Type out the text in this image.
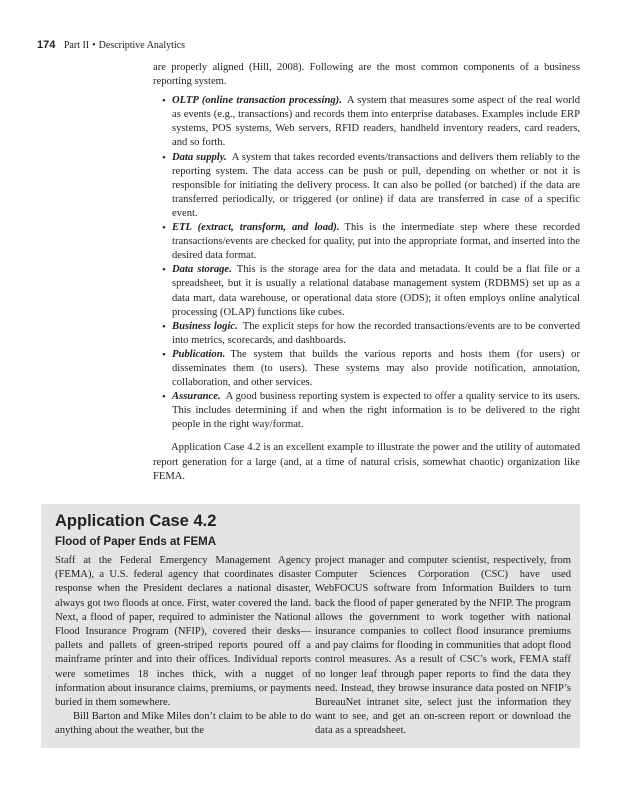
174 Part II • Descriptive Analytics

are properly aligned (Hill, 2008). Following are the most common components of a business reporting system.

• OLTP (online transaction processing). A system that measures some aspect of the real world as events (e.g., transactions) and records them into enterprise databases. Examples include ERP systems, POS systems, Web servers, RFID readers, handheld inventory readers, card readers, and so forth.
• Data supply. A system that takes recorded events/transactions and delivers them reliably to the reporting system. The data access can be push or pull, depending on whether or not it is responsible for initiating the delivery process. It can also be polled (or batched) if the data are transferred periodically, or triggered (or online) if data are transferred in case of a specific event.
• ETL (extract, transform, and load). This is the intermediate step where these recorded transactions/events are checked for quality, put into the appropriate format, and inserted into the desired data format.
• Data storage. This is the storage area for the data and metadata. It could be a flat file or a spreadsheet, but it is usually a relational database management system (RDBMS) set up as a data mart, data warehouse, or operational data store (ODS); it often employs online analytical processing (OLAP) functions like cubes.
• Business logic. The explicit steps for how the recorded transactions/events are to be converted into metrics, scorecards, and dashboards.
• Publication. The system that builds the various reports and hosts them (for users) or disseminates them (to users). These systems may also provide notification, annotation, collaboration, and other services.
• Assurance. A good business reporting system is expected to offer a quality service to its users. This includes determining if and when the right information is to be delivered to the right people in the right way/format.

Application Case 4.2 is an excellent example to illustrate the power and the utility of automated report generation for a large (and, at a time of natural crisis, somewhat chaotic) organization like FEMA.

Application Case 4.2
Flood of Paper Ends at FEMA

Staff at the Federal Emergency Management Agency (FEMA), a U.S. federal agency that coordinates disaster response when the President declares a national disaster, always got two floods at once. First, water covered the land. Next, a flood of paper, required to administer the National Flood Insurance Program (NFIP), covered their desks—pallets and pallets of green-striped reports poured off a mainframe printer and into their offices. Individual reports were sometimes 18 inches thick, with a nugget of information about insurance claims, premiums, or payments buried in them somewhere.

Bill Barton and Mike Miles don’t claim to be able to do anything about the weather, but the

project manager and computer scientist, respectively, from Computer Sciences Corporation (CSC) have used WebFOCUS software from Information Builders to turn back the flood of paper generated by the NFIP. The program allows the government to work together with national insurance companies to collect flood insurance premiums and pay claims for flooding in communities that adopt flood control measures. As a result of CSC’s work, FEMA staff no longer leaf through paper reports to find the data they need. Instead, they browse insurance data posted on NFIP’s BureauNet intranet site, select just the information they want to see, and get an on-screen report or download the data as a spreadsheet.
